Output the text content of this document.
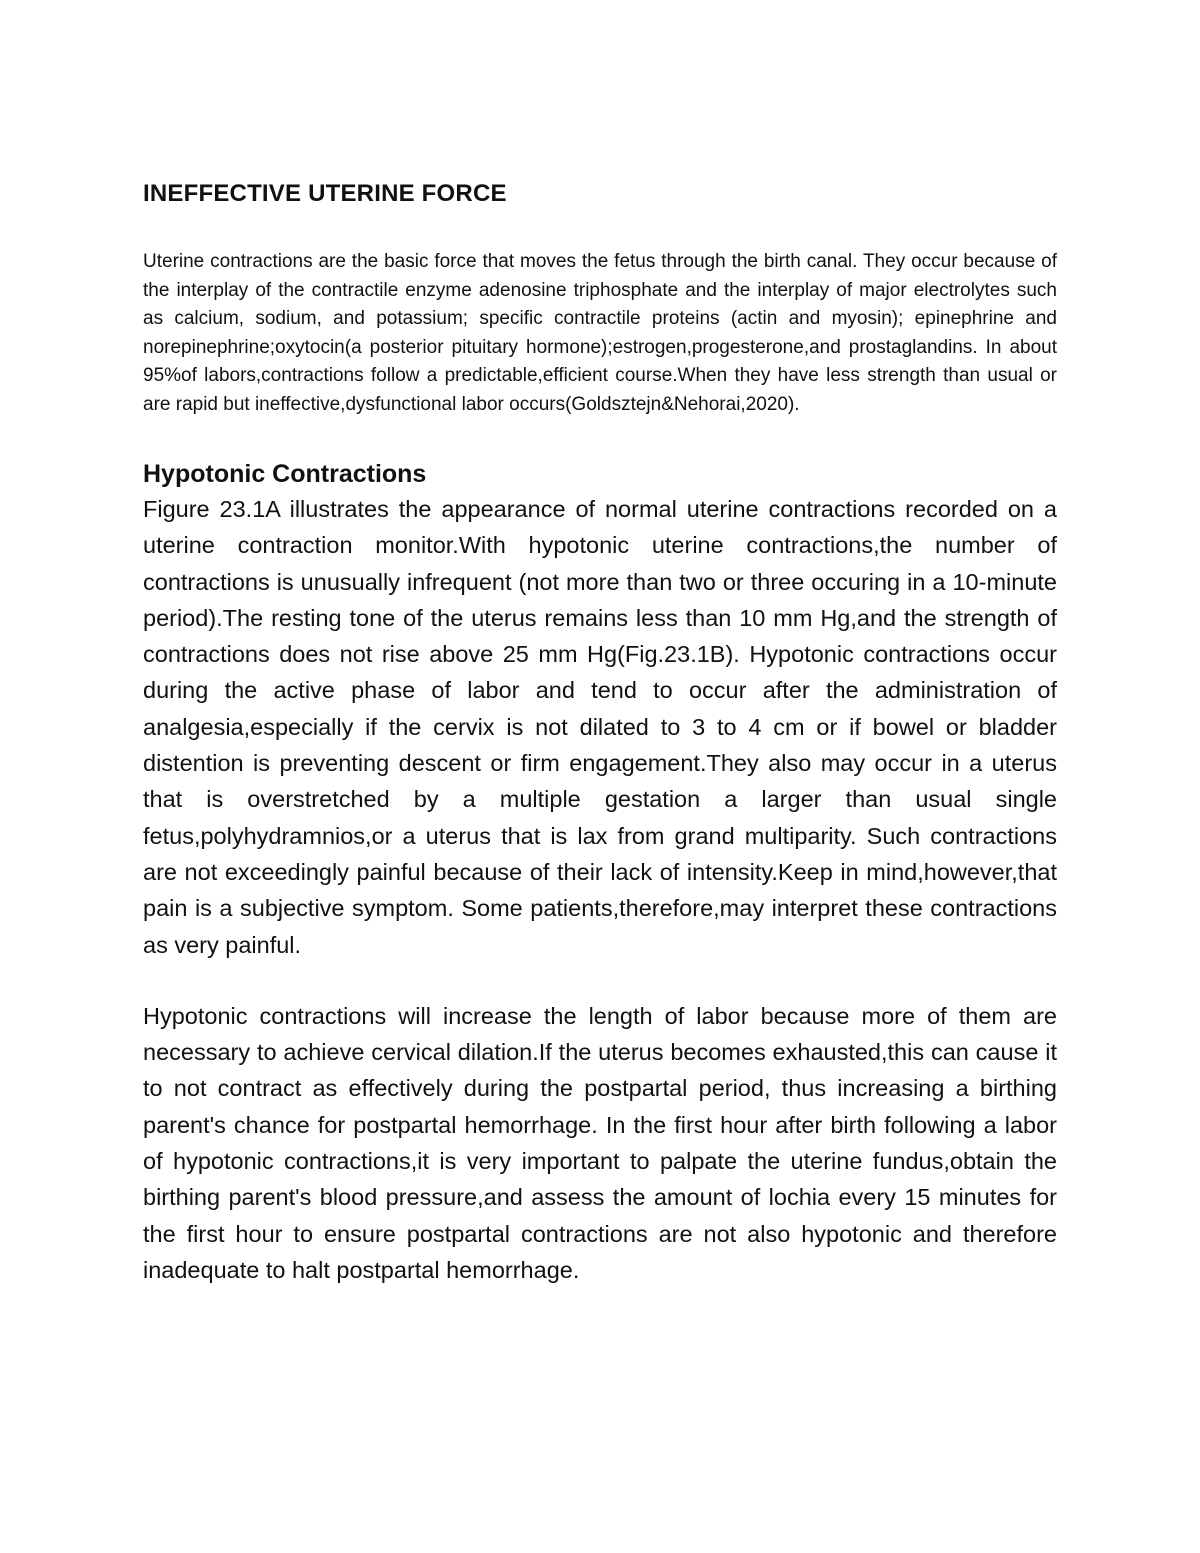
INEFFECTIVE UTERINE FORCE

Uterine contractions are the basic force that moves the fetus through the birth canal. They occur because of the interplay of the contractile enzyme adenosine triphosphate and the interplay of major electrolytes such as calcium, sodium, and potassium; specific contractile proteins (actin and myosin); epinephrine and norepinephrine;oxytocin(a posterior pituitary hormone);estrogen,progesterone,and prostaglandins. In about 95%of labors,contractions follow a predictable,efficient course.When they have less strength than usual or are rapid but ineffective,dysfunctional labor occurs(Goldsztejn&Nehorai,2020).

Hypotonic Contractions

Figure 23.1A illustrates the appearance of normal uterine contractions recorded on a uterine contraction monitor.With hypotonic uterine contractions,the number of contractions is unusually infrequent (not more than two or three occuring in a 10-minute period).The resting tone of the uterus remains less than 10 mm Hg,and the strength of contractions does not rise above 25 mm Hg(Fig.23.1B). Hypotonic contractions occur during the active phase of labor and tend to occur after the administration of analgesia,especially if the cervix is not dilated to 3 to 4 cm or if bowel or bladder distention is preventing descent or firm engagement.They also may occur in a uterus that is overstretched by a multiple gestation a larger than usual single fetus,polyhydramnios,or a uterus that is lax from grand multiparity. Such contractions are not exceedingly painful because of their lack of intensity.Keep in mind,however,that pain is a subjective symptom. Some patients,therefore,may interpret these contractions as very painful.

Hypotonic contractions will increase the length of labor because more of them are necessary to achieve cervical dilation.If the uterus becomes exhausted,this can cause it to not contract as effectively during the postpartal period, thus increasing a birthing parent's chance for postpartal hemorrhage. In the first hour after birth following a labor of hypotonic contractions,it is very important to palpate the uterine fundus,obtain the birthing parent's blood pressure,and assess the amount of lochia every 15 minutes for the first hour to ensure postpartal contractions are not also hypotonic and therefore inadequate to halt postpartal hemorrhage.
